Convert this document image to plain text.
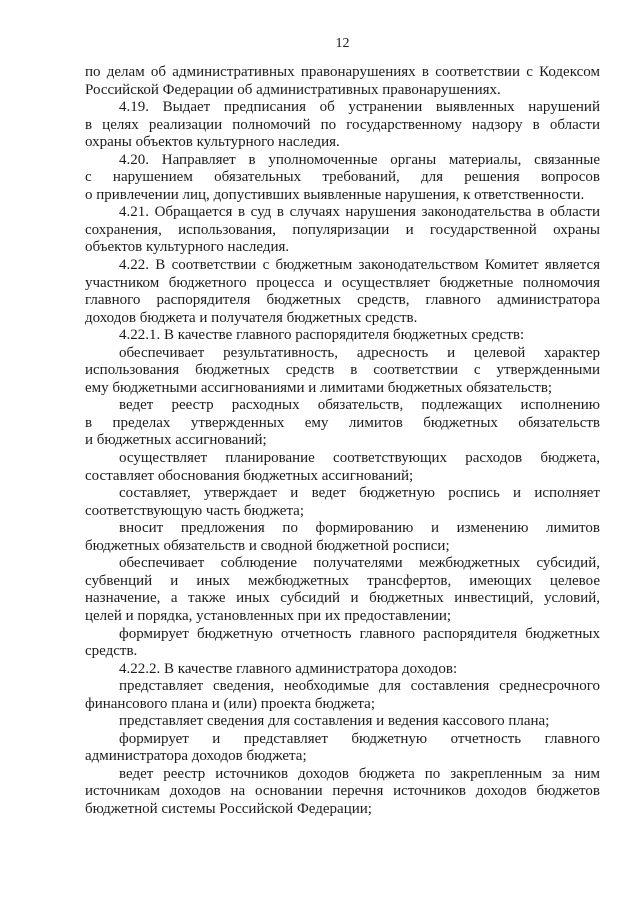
12
по делам об административных правонарушениях в соответствии с Кодексом
Российской Федерации об административных правонарушениях.
4.19. Выдает предписания об устранении выявленных нарушений
в целях реализации полномочий по государственному надзору в области
охраны объектов культурного наследия.
4.20. Направляет в уполномоченные органы материалы, связанные
с нарушением обязательных требований, для решения вопросов
о привлечении лиц, допустивших выявленные нарушения, к ответственности.
4.21. Обращается в суд в случаях нарушения законодательства в области
сохранения, использования, популяризации и государственной охраны
объектов культурного наследия.
4.22. В соответствии с бюджетным законодательством Комитет является
участником бюджетного процесса и осуществляет бюджетные полномочия
главного распорядителя бюджетных средств, главного администратора
доходов бюджета и получателя бюджетных средств.
4.22.1. В качестве главного распорядителя бюджетных средств:
обеспечивает результативность, адресность и целевой характер
использования бюджетных средств в соответствии с утвержденными
ему бюджетными ассигнованиями и лимитами бюджетных обязательств;
ведет реестр расходных обязательств, подлежащих исполнению
в пределах утвержденных ему лимитов бюджетных обязательств
и бюджетных ассигнований;
осуществляет планирование соответствующих расходов бюджета,
составляет обоснования бюджетных ассигнований;
составляет, утверждает и ведет бюджетную роспись и исполняет
соответствующую часть бюджета;
вносит предложения по формированию и изменению лимитов
бюджетных обязательств и сводной бюджетной росписи;
обеспечивает соблюдение получателями межбюджетных субсидий,
субвенций и иных межбюджетных трансфертов, имеющих целевое
назначение, а также иных субсидий и бюджетных инвестиций, условий,
целей и порядка, установленных при их предоставлении;
формирует бюджетную отчетность главного распорядителя бюджетных
средств.
4.22.2. В качестве главного администратора доходов:
представляет сведения, необходимые для составления среднесрочного
финансового плана и (или) проекта бюджета;
представляет сведения для составления и ведения кассового плана;
формирует и представляет бюджетную отчетность главного
администратора доходов бюджета;
ведет реестр источников доходов бюджета по закрепленным за ним
источникам доходов на основании перечня источников доходов бюджетов
бюджетной системы Российской Федерации;
